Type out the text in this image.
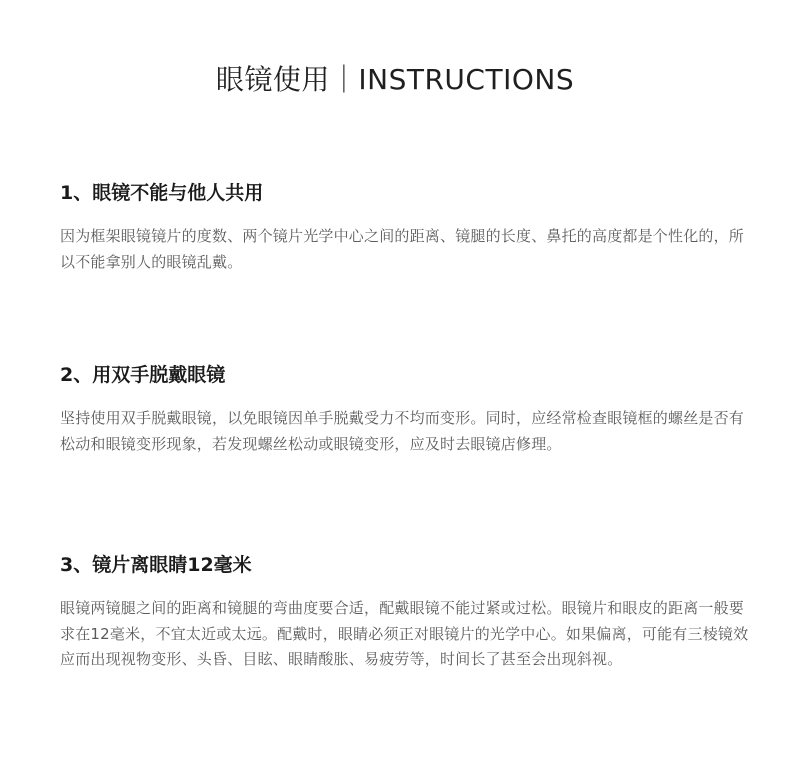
眼镜使用｜INSTRUCTIONS
1、眼镜不能与他人共用

因为框架眼镜镜片的度数、两个镜片光学中心之间的距离、镜腿的长度、鼻托的高度都是个性化的，所以不能拿别人的眼镜乱戴。

2、用双手脱戴眼镜

坚持使用双手脱戴眼镜，以免眼镜因单手脱戴受力不均而变形。同时，应经常检查眼镜框的螺丝是否有松动和眼镜变形现象，若发现螺丝松动或眼镜变形，应及时去眼镜店修理。

3、镜片离眼睛12毫米

眼镜两镜腿之间的距离和镜腿的弯曲度要合适，配戴眼镜不能过紧或过松。眼镜片和眼皮的距离一般要求在12毫米，不宜太近或太远。配戴时，眼睛必须正对眼镜片的光学中心。如果偏离，可能有三棱镜效应而出现视物变形、头昏、目眩、眼睛酸胀、易疲劳等，时间长了甚至会出现斜视。
